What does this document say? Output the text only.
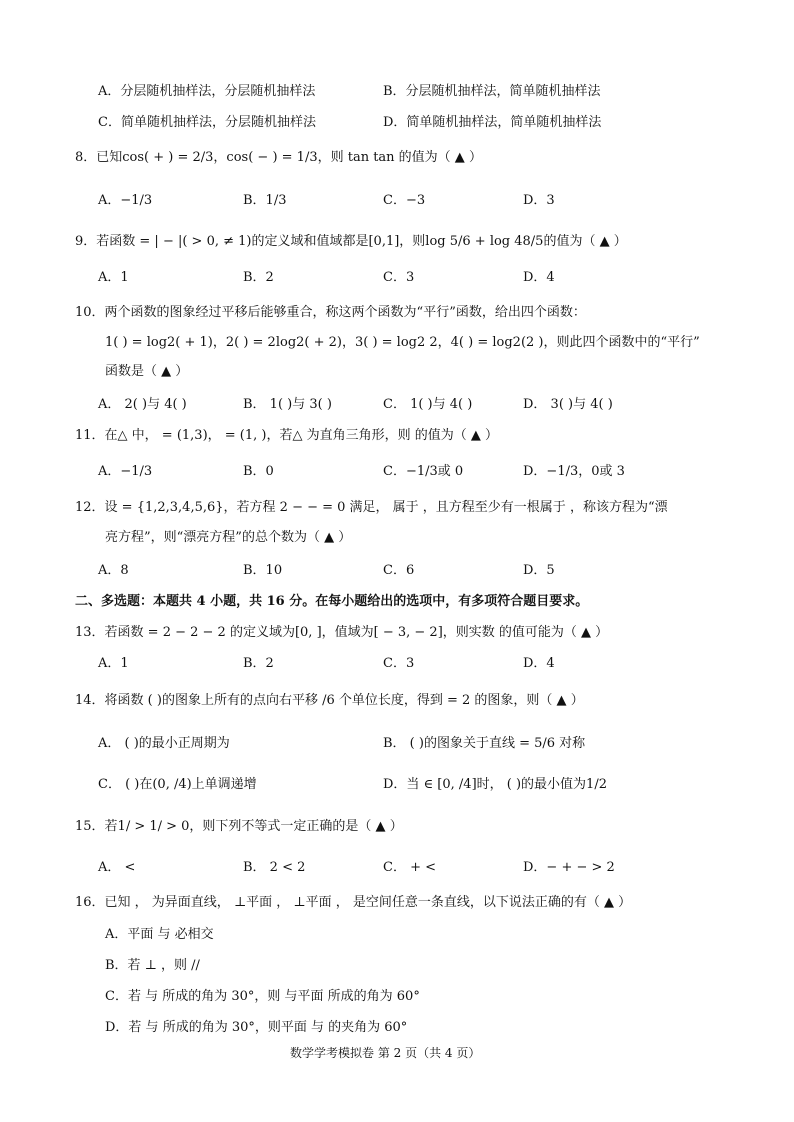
A．分层随机抽样法，分层随机抽样法	B．分层随机抽样法，简单随机抽样法
C．简单随机抽样法，分层随机抽样法	D．简单随机抽样法，简单随机抽样法
8．已知cos( + ) = 2/3，cos( − ) = 1/3，则 tan tan 的值为（ ▲ ）
A．−1/3	B．1/3	C．−3	D．3
9．若函数 = | − |( > 0, ≠ 1)的定义域和值域都是[0,1]，则log 5/6 + log 48/5的值为（ ▲ ）
A．1	B．2	C．3	D．4
10．两个函数的图象经过平移后能够重合，称这两个函数为“平行”函数，给出四个函数：
1( ) = log2( + 1)，2( ) = 2log2( + 2)，3( ) = log2 2，4( ) = log2(2 )，则此四个函数中的“平行”
函数是（ ▲ ）
A． 2( )与 4( )	B． 1( )与 3( )	C． 1( )与 4( )	D． 3( )与 4( )
11．在△ 中， = (1,3)， = (1, )，若△ 为直角三角形，则 的值为（ ▲ ）
A．−1/3	B．0	C．−1/3或 0	D．−1/3，0或 3
12．设 = {1,2,3,4,5,6}，若方程 2 − − = 0 满足， 属于 ，且方程至少有一根属于 ，称该方程为“漂
亮方程”，则“漂亮方程”的总个数为（ ▲ ）
A．8	B．10	C．6	D．5
二、多选题：本题共 4 小题，共 16 分。在每小题给出的选项中，有多项符合题目要求。
13．若函数 = 2 − 2 − 2 的定义域为[0, ]，值域为[ − 3, − 2]，则实数 的值可能为（ ▲ ）
A．1	B．2	C．3	D．4
14．将函数 ( )的图象上所有的点向右平移 /6 个单位长度，得到 = 2 的图象，则（ ▲ ）
A． ( )的最小正周期为	B． ( )的图象关于直线 = 5/6 对称
C． ( )在(0, /4)上单调递增	D．当 ∈ [0, /4]时， ( )的最小值为1/2
15．若1/ > 1/ > 0，则下列不等式一定正确的是（ ▲ ）
A． <	B． 2 < 2	C． + <	D．− + − > 2
16．已知 ， 为异面直线， ⊥平面 ， ⊥平面 ， 是空间任意一条直线，以下说法正确的有（ ▲ ）
A．平面 与 必相交
B．若 ⊥ ，则 //
C．若 与 所成的角为 30°，则 与平面 所成的角为 60°
D．若 与 所成的角为 30°，则平面 与 的夹角为 60°
数学学考模拟卷 第 2 页（共 4 页）
